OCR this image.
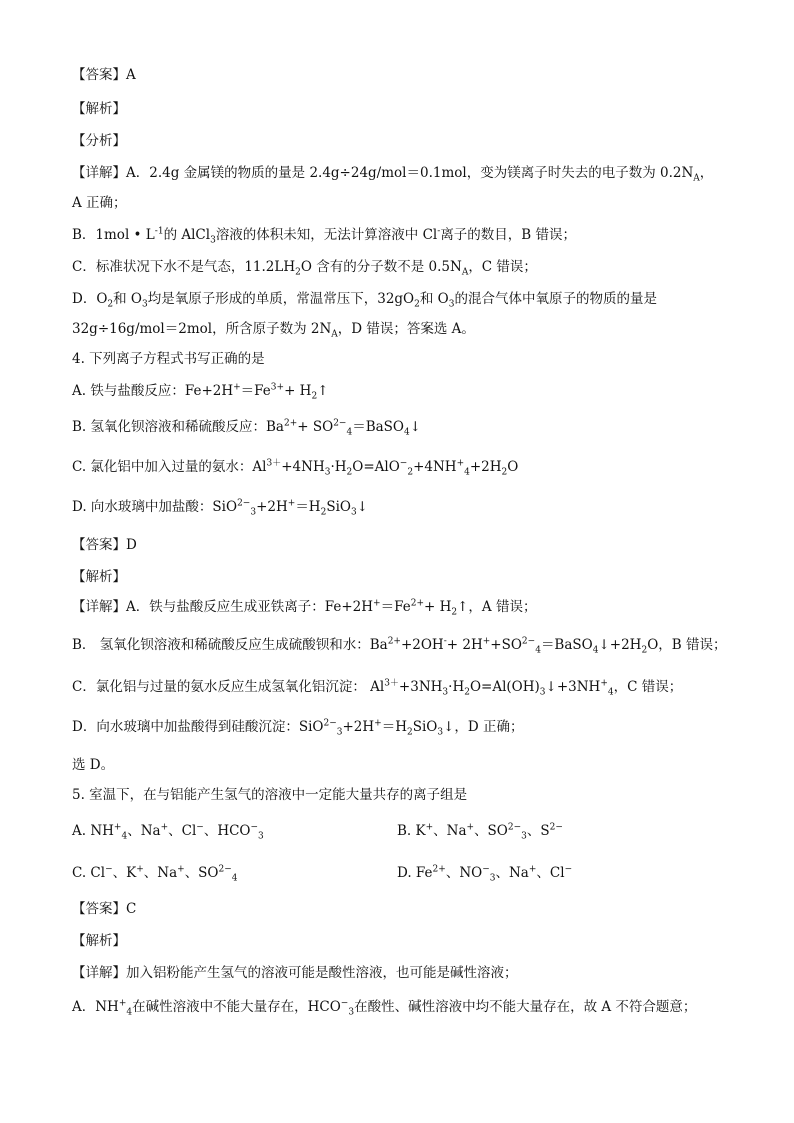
【答案】A
【解析】
【分析】
【详解】A．2.4g 金属镁的物质的量是 2.4g÷24g/mol＝0.1mol，变为镁离子时失去的电子数为 $0.2N_A$，
A 正确；
B．1mol • $L^{-1}$的 AlCl$_3$溶液的体积未知，无法计算溶液中 Cl-离子的数目，B 错误；
C．标准状况下水不是气态，$11.2LH_2O$ 含有的分子数不是 $0.5N_A$，C 错误；
D．$O_2$和 $O_3$均是氧原子形成的单质，常温常压下，$32gO_2$和 $O_3$的混合气体中氧原子的物质的量是
32g÷16g/mol＝2mol，所含原子数为 $2N_A$，D 错误；答案选 A。
4. 下列离子方程式书写正确的是
A. 铁与盐酸反应：$Fe+2H^+=Fe^{3+}+$ $H_2↑$
B. 氢氧化钡溶液和稀硫酸反应：$Ba^{2+}+$ $SO^{2-}_4=BaSO_4↓$
C. 氯化铝中加入过量的氨水：$Al^{3+}+4NH_3\cdot H_2O=AlO^-_2+4NH^+_4+2H_2O$
D. 向水玻璃中加盐酸：$SiO^{2-}_3+2H^+=H_2SiO_3↓$
【答案】D
【解析】
【详解】A．铁与盐酸反应生成亚铁离子：$Fe+2H^+=Fe^{2+}+$ $H_2↑$，A 错误；
B． 氢氧化钡溶液和稀硫酸反应生成硫酸钡和水：$Ba^{2+}+2OH^-+$ $2H^++SO^{2-}_4=BaSO_4↓+2H_2O$，B 错误；
C．氯化铝与过量的氨水反应生成氢氧化铝沉淀： $Al^{3+}+3NH_3\cdot H_2O=Al(OH)_3↓+3NH^+_4$，C 错误；
D．向水玻璃中加盐酸得到硅酸沉淀：$SiO^{2-}_3+2H^+=H_2SiO_3↓$，D 正确；
选 D。
5. 室温下，在与铝能产生氢气的溶液中一定能大量共存的离子组是
A. $NH^+_4$、Na+、Cl−、$HCO^-_3$	B. K+、Na+、$SO^{2-}_3$、$S^{2-}$
C. Cl−、K+、Na+、$SO^{2-}_4$	D. $Fe^{2+}$、$NO^-_3$、Na+、Cl−
【答案】C
【解析】
【详解】加入铝粉能产生氢气的溶液可能是酸性溶液，也可能是碱性溶液；
A．$NH^+_4$在碱性溶液中不能大量存在，$HCO^-_3$在酸性、碱性溶液中均不能大量存在，故 A 不符合题意；
